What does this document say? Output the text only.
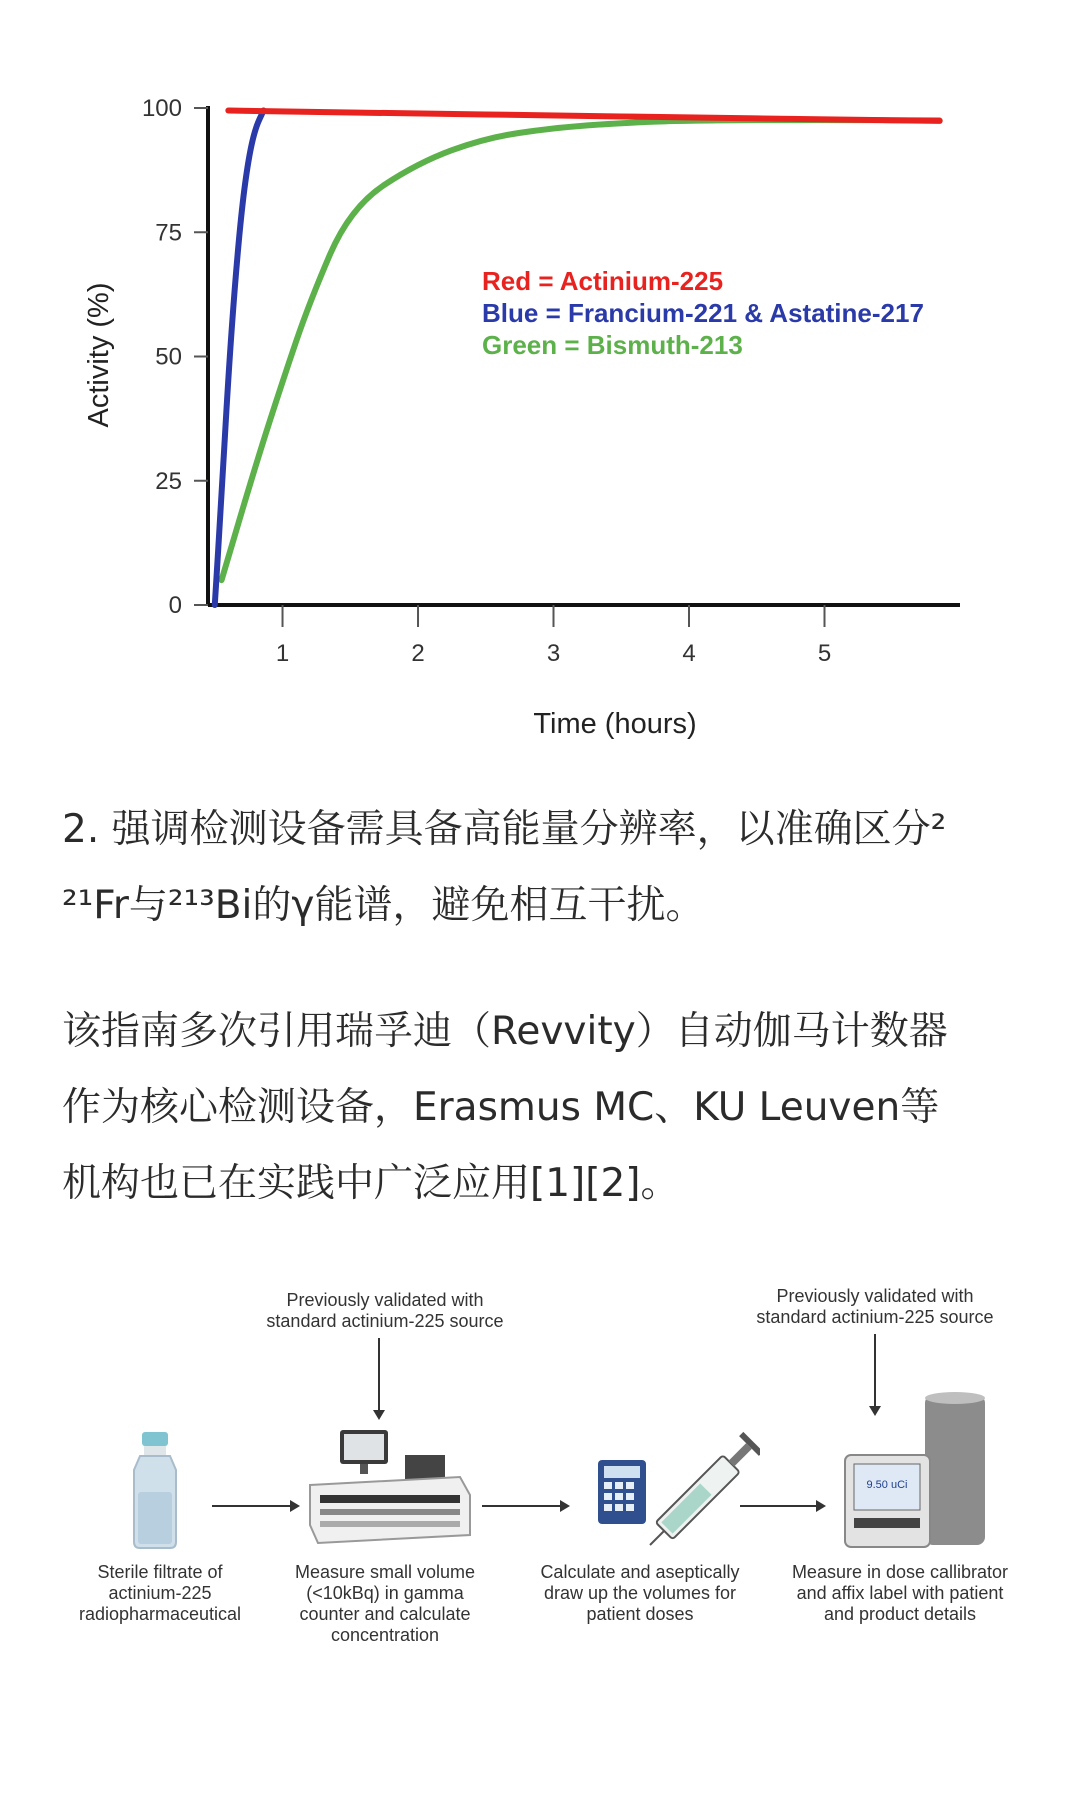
0
25
50
75
100
1	2	3	4	5
Activity (%)
Time (hours)
Red = Actinium-225
Blue = Francium-221 & Astatine-217
Green = Bismuth-213
2. 强调检测设备需具备高能量分辨率，以准确区分²
²¹Fr与²¹³Bi的γ能谱，避免相互干扰。
该指南多次引用瑞孚迪（Revvity）自动伽马计数器
作为核心检测设备，Erasmus MC、KU Leuven等
机构也已在实践中广泛应用[1][2]。
Previously validated with
standard actinium-225 source
Previously validated with
standard actinium-225 source
9.50 uCi
Sterile filtrate of
actinium-225
radiopharmaceutical
Measure small volume
(<10kBq) in gamma
counter and calculate
concentration
Calculate and aseptically
draw up the volumes for
patient doses
Measure in dose callibrator
and affix label with patient
and product details
